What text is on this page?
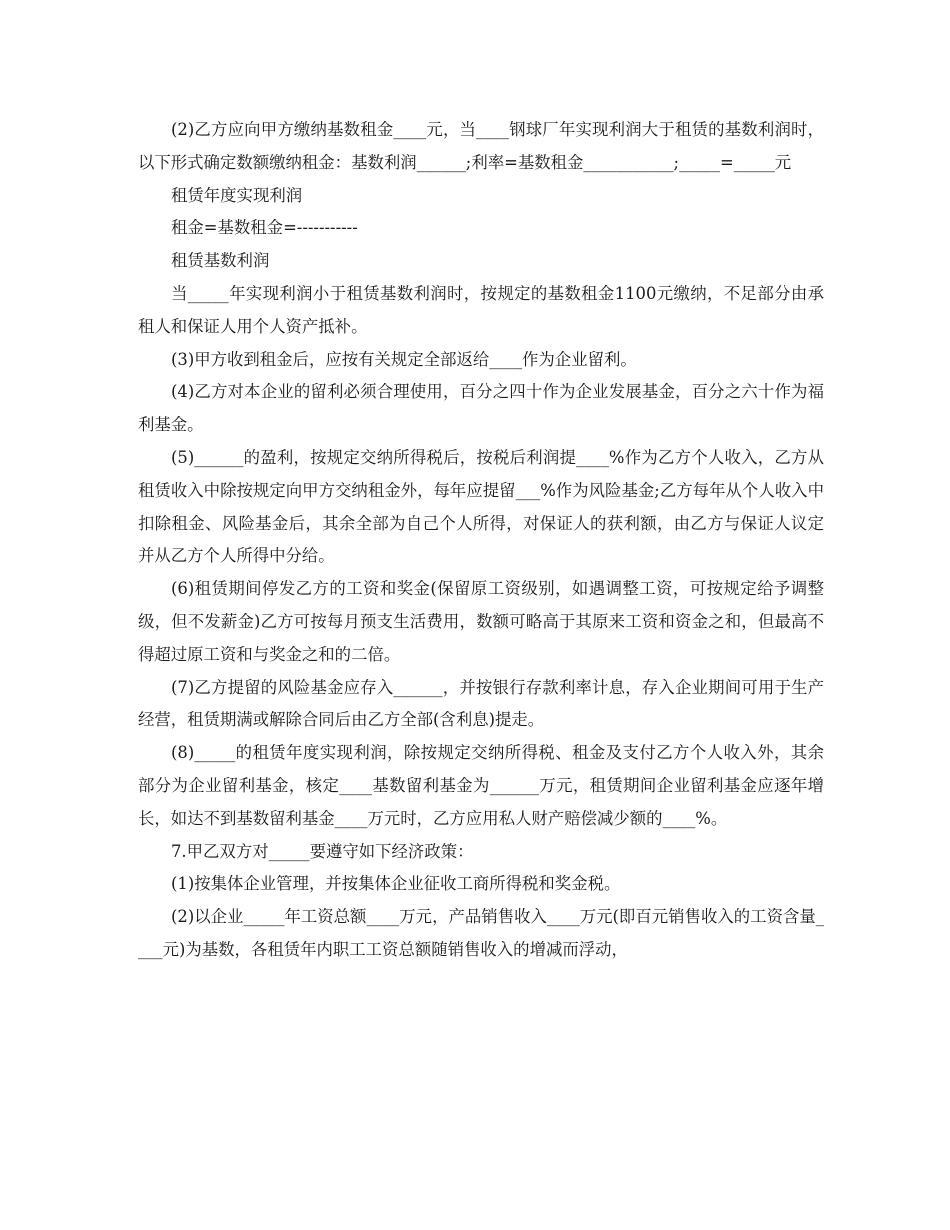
(2)乙方应向甲方缴纳基数租金____元，当____钢球厂年实现利润大于租赁的基数利润时，以下形式确定数额缴纳租金：基数利润______;利率=基数租金___________;_____=_____元

租赁年度实现利润

租金=基数租金=-----------

租赁基数利润

当_____年实现利润小于租赁基数利润时，按规定的基数租金1100元缴纳，不足部分由承租人和保证人用个人资产抵补。

(3)甲方收到租金后，应按有关规定全部返给____作为企业留利。

(4)乙方对本企业的留利必须合理使用，百分之四十作为企业发展基金，百分之六十作为福利基金。

(5)______的盈利，按规定交纳所得税后，按税后利润提____%作为乙方个人收入，乙方从租赁收入中除按规定向甲方交纳租金外，每年应提留___%作为风险基金;乙方每年从个人收入中扣除租金、风险基金后，其余全部为自己个人所得，对保证人的获利额，由乙方与保证人议定并从乙方个人所得中分给。

(6)租赁期间停发乙方的工资和奖金(保留原工资级别，如遇调整工资，可按规定给予调整级，但不发薪金)乙方可按每月预支生活费用，数额可略高于其原来工资和资金之和，但最高不得超过原工资和与奖金之和的二倍。

(7)乙方提留的风险基金应存入______，并按银行存款利率计息，存入企业期间可用于生产经营，租赁期满或解除合同后由乙方全部(含利息)提走。

(8)_____的租赁年度实现利润，除按规定交纳所得税、租金及支付乙方个人收入外，其余部分为企业留利基金，核定____基数留利基金为______万元，租赁期间企业留利基金应逐年增长，如达不到基数留利基金____万元时，乙方应用私人财产赔偿减少额的____%。

7.甲乙双方对_____要遵守如下经济政策：

(1)按集体企业管理，并按集体企业征收工商所得税和奖金税。

(2)以企业_____年工资总额____万元，产品销售收入____万元(即百元销售收入的工资含量____元)为基数，各租赁年内职工工资总额随销售收入的增减而浮动，
